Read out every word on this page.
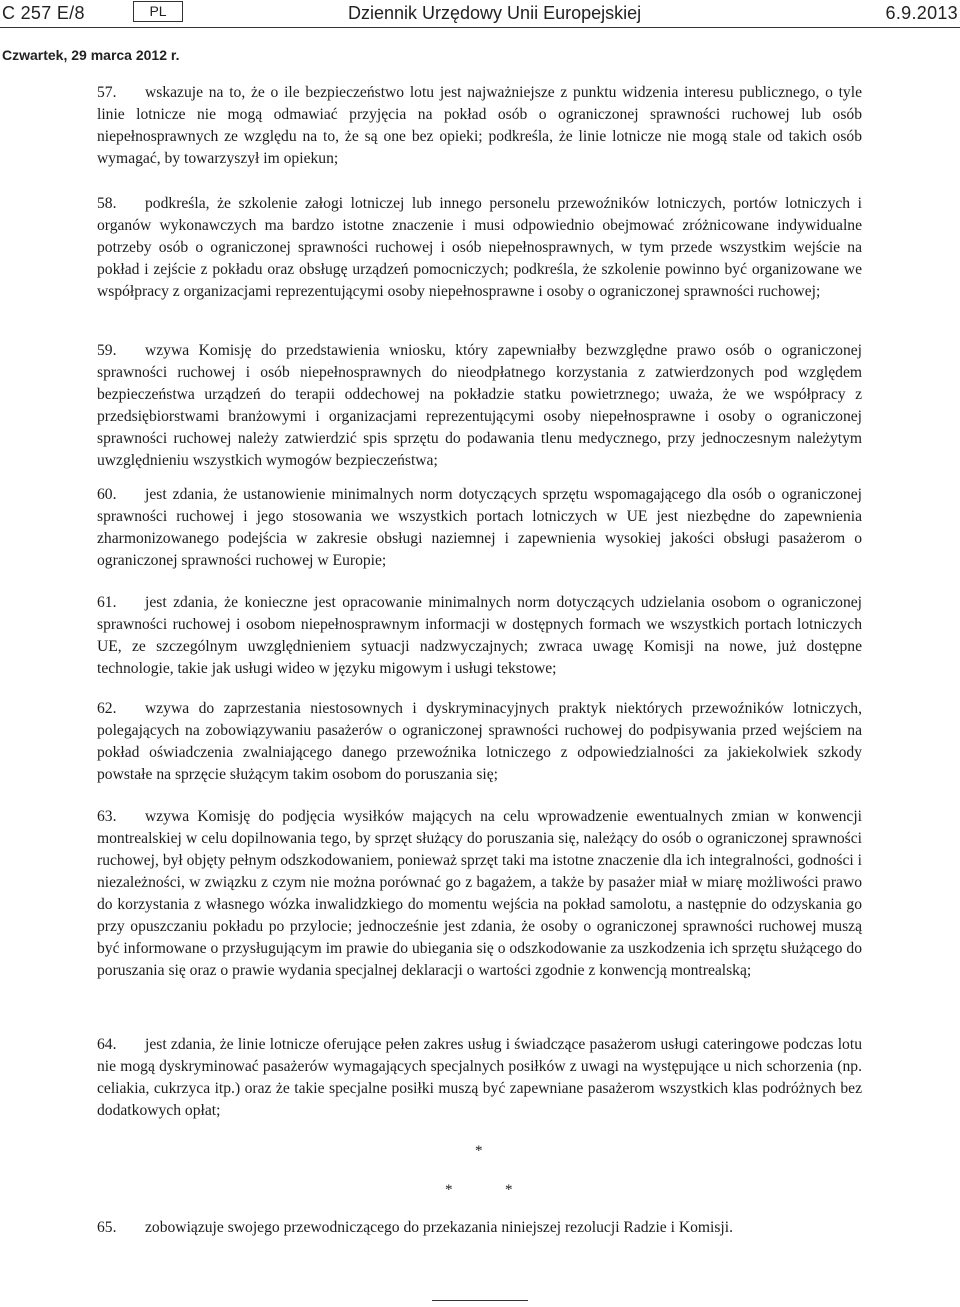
C 257 E/8	PL	Dziennik Urzędowy Unii Europejskiej	6.9.2013
Czwartek, 29 marca 2012 r.

57. wskazuje na to, że o ile bezpieczeństwo lotu jest najważniejsze z punktu widzenia interesu publicznego, o tyle linie lotnicze nie mogą odmawiać przyjęcia na pokład osób o ograniczonej sprawności ruchowej lub osób niepełnosprawnych ze względu na to, że są one bez opieki; podkreśla, że linie lotnicze nie mogą stale od takich osób wymagać, by towarzyszył im opiekun;

58. podkreśla, że szkolenie załogi lotniczej lub innego personelu przewoźników lotniczych, portów lotniczych i organów wykonawczych ma bardzo istotne znaczenie i musi odpowiednio obejmować zróżnicowane indywidualne potrzeby osób o ograniczonej sprawności ruchowej i osób niepełnosprawnych, w tym przede wszystkim wejście na pokład i zejście z pokładu oraz obsługę urządzeń pomocniczych; podkreśla, że szkolenie powinno być organizowane we współpracy z organizacjami reprezentującymi osoby niepełnosprawne i osoby o ograniczonej sprawności ruchowej;

59. wzywa Komisję do przedstawienia wniosku, który zapewniałby bezwzględne prawo osób o ograniczonej sprawności ruchowej i osób niepełnosprawnych do nieodpłatnego korzystania z zatwierdzonych pod względem bezpieczeństwa urządzeń do terapii oddechowej na pokładzie statku powietrznego; uważa, że we współpracy z przedsiębiorstwami branżowymi i organizacjami reprezentującymi osoby niepełnosprawne i osoby o ograniczonej sprawności ruchowej należy zatwierdzić spis sprzętu do podawania tlenu medycznego, przy jednoczesnym należytym uwzględnieniu wszystkich wymogów bezpieczeństwa;

60. jest zdania, że ustanowienie minimalnych norm dotyczących sprzętu wspomagającego dla osób o ograniczonej sprawności ruchowej i jego stosowania we wszystkich portach lotniczych w UE jest niezbędne do zapewnienia zharmonizowanego podejścia w zakresie obsługi naziemnej i zapewnienia wysokiej jakości obsługi pasażerom o ograniczonej sprawności ruchowej w Europie;

61. jest zdania, że konieczne jest opracowanie minimalnych norm dotyczących udzielania osobom o ograniczonej sprawności ruchowej i osobom niepełnosprawnym informacji w dostępnych formach we wszystkich portach lotniczych UE, ze szczególnym uwzględnieniem sytuacji nadzwyczajnych; zwraca uwagę Komisji na nowe, już dostępne technologie, takie jak usługi wideo w języku migowym i usługi tekstowe;

62. wzywa do zaprzestania niestosownych i dyskryminacyjnych praktyk niektórych przewoźników lotniczych, polegających na zobowiązywaniu pasażerów o ograniczonej sprawności ruchowej do podpisywania przed wejściem na pokład oświadczenia zwalniającego danego przewoźnika lotniczego z odpowiedzialności za jakiekolwiek szkody powstałe na sprzęcie służącym takim osobom do poruszania się;

63. wzywa Komisję do podjęcia wysiłków mających na celu wprowadzenie ewentualnych zmian w konwencji montrealskiej w celu dopilnowania tego, by sprzęt służący do poruszania się, należący do osób o ograniczonej sprawności ruchowej, był objęty pełnym odszkodowaniem, ponieważ sprzęt taki ma istotne znaczenie dla ich integralności, godności i niezależności, w związku z czym nie można porównać go z bagażem, a także by pasażer miał w miarę możliwości prawo do korzystania z własnego wózka inwalidzkiego do momentu wejścia na pokład samolotu, a następnie do odzyskania go przy opuszczaniu pokładu po przylocie; jednocześnie jest zdania, że osoby o ograniczonej sprawności ruchowej muszą być informowane o przysługującym im prawie do ubiegania się o odszkodowanie za uszkodzenia ich sprzętu służącego do poruszania się oraz o prawie wydania specjalnej deklaracji o wartości zgodnie z konwencją montrealską;

64. jest zdania, że linie lotnicze oferujące pełen zakres usług i świadczące pasażerom usługi cateringowe podczas lotu nie mogą dyskryminować pasażerów wymagających specjalnych posiłków z uwagi na występujące u nich schorzenia (np. celiakia, cukrzyca itp.) oraz że takie specjalne posiłki muszą być zapewniane pasażerom wszystkich klas podróżnych bez dodatkowych opłat;

*
*	*

65. zobowiązuje swojego przewodniczącego do przekazania niniejszej rezolucji Radzie i Komisji.
